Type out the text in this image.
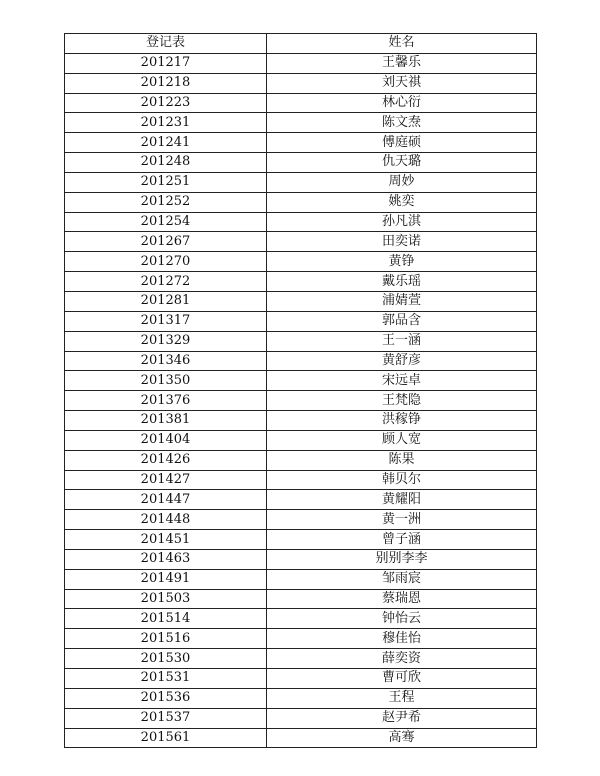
登记表	姓名
201217	王馨乐
201218	刘天祺
201223	林心衍
201231	陈文焘
201241	傅庭硕
201248	仇天璐
201251	周妙
201252	姚奕
201254	孙凡淇
201267	田奕诺
201270	黄铮
201272	戴乐瑶
201281	浦婧萱
201317	郭品含
201329	王一涵
201346	黄舒彦
201350	宋远卓
201376	王梵隐
201381	洪稼铮
201404	顾人宽
201426	陈果
201427	韩贝尔
201447	黄耀阳
201448	黄一洲
201451	曾子涵
201463	别别李李
201491	邹雨宸
201503	蔡瑞恩
201514	钟怡云
201516	穆佳怡
201530	薛奕资
201531	曹可欣
201536	王程
201537	赵尹希
201561	高骞
